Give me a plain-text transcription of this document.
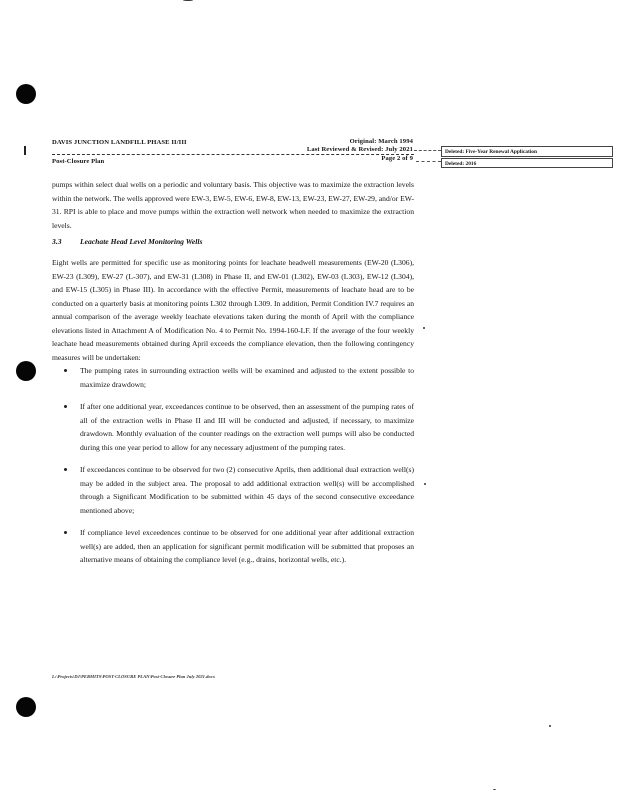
DAVIS JUNCTION LANDFILL PHASE II/III	Original: March 1994
Last Reviewed & Revised: July 2021
Post-Closure Plan	Page 2 of 9
Deleted: Five-Year Renewal Application
Deleted: 2016
pumps within select dual wells on a periodic and voluntary basis. This objective was to maximize the extraction levels within the network. The wells approved were EW-3, EW-5, EW-6, EW-8, EW-13, EW-23, EW-27, EW-29, and/or EW-31. RPI is able to place and move pumps within the extraction well network when needed to maximize the extraction levels.
3.3 Leachate Head Level Monitoring Wells
Eight wells are permitted for specific use as monitoring points for leachate headwell measurements (EW-20 (L306), EW-23 (L309), EW-27 (L-307), and EW-31 (L308) in Phase II, and EW-01 (L302), EW-03 (L303), EW-12 (L304), and EW-15 (L305) in Phase III). In accordance with the effective Permit, measurements of leachate head are to be conducted on a quarterly basis at monitoring points L302 through L309. In addition, Permit Condition IV.7 requires an annual comparison of the average weekly leachate elevations taken during the month of April with the compliance elevations listed in Attachment A of Modification No. 4 to Permit No. 1994-160-LF. If the average of the four weekly leachate head measurements obtained during April exceeds the compliance elevation, then the following contingency measures will be undertaken:
The pumping rates in surrounding extraction wells will be examined and adjusted to the extent possible to maximize drawdown;
If after one additional year, exceedances continue to be observed, then an assessment of the pumping rates of all of the extraction wells in Phase II and III will be conducted and adjusted, if necessary, to maximize drawdown. Monthly evaluation of the counter readings on the extraction well pumps will also be conducted during this one year period to allow for any necessary adjustment of the pumping rates.
If exceedances continue to be observed for two (2) consecutive Aprils, then additional dual extraction well(s) may be added in the subject area. The proposal to add additional extraction well(s) will be accomplished through a Significant Modification to be submitted within 45 days of the second consecutive exceedance mentioned above;
If compliance level exceedences continue to be observed for one additional year after additional extraction well(s) are added, then an application for significant permit modification will be submitted that proposes an alternative means of obtaining the compliance level (e.g., drains, horizontal wells, etc.).
L:\Projects\DJ\PERMITS\POST-CLOSURE PLAN\Post-Closure Plan July 2021.docx
